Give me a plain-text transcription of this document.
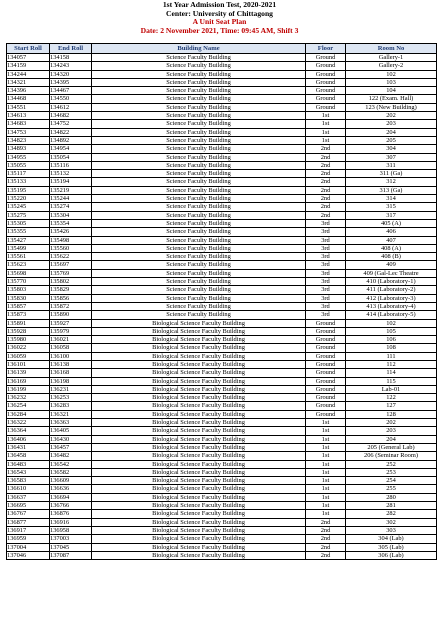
1st Year Admission Test, 2020-2021
Center: University of Chittagong
A Unit Seat Plan
Date: 2 November 2021, Time: 09:45 AM, Shift 3
Start Roll	End Roll	Building Name	Floor	Room No
134057	134158	Science Faculty Building	Ground	Gallery-1
134159	134243	Science Faculty Building	Ground	Gallery-2
134244	134320	Science Faculty Building	Ground	102
134321	134395	Science Faculty Building	Ground	103
134396	134467	Science Faculty Building	Ground	104
134468	134550	Science Faculty Building	Ground	122 (Exam. Hall)
134551	134612	Science Faculty Building	Ground	123 (New Building)
134613	134682	Science Faculty Building	1st	202
134683	134752	Science Faculty Building	1st	203
134753	134822	Science Faculty Building	1st	204
134823	134892	Science Faculty Building	1st	205
134893	134954	Science Faculty Building	2nd	304
134955	135054	Science Faculty Building	2nd	307
135055	135116	Science Faculty Building	2nd	311
135117	135132	Science Faculty Building	2nd	311 (Ga)
135133	135194	Science Faculty Building	2nd	312
135195	135219	Science Faculty Building	2nd	313 (Ga)
135220	135244	Science Faculty Building	2nd	314
135245	135274	Science Faculty Building	2nd	315
135275	135304	Science Faculty Building	2nd	317
135305	135354	Science Faculty Building	3rd	405 (A)
135355	135426	Science Faculty Building	3rd	406
135427	135498	Science Faculty Building	3rd	407
135499	135560	Science Faculty Building	3rd	408 (A)
135561	135622	Science Faculty Building	3rd	408 (B)
135623	135697	Science Faculty Building	3rd	409
135698	135769	Science Faculty Building	3rd	409 (Gal-Lec Theatre
135770	135802	Science Faculty Building	3rd	410 (Laboratory-1)
135803	135829	Science Faculty Building	3rd	411 (Laboratory-2)
135830	135856	Science Faculty Building	3rd	412 (Laboratory-3)
135857	135872	Science Faculty Building	3rd	413 (Laboratory-4)
135873	135890	Science Faculty Building	3rd	414 (Laboratory-5)
135891	135927	Biological Science Faculty Building	Ground	102
135928	135979	Biological Science Faculty Building	Ground	105
135980	136021	Biological Science Faculty Building	Ground	106
136022	136058	Biological Science Faculty Building	Ground	108
136059	136100	Biological Science Faculty Building	Ground	111
136101	136138	Biological Science Faculty Building	Ground	112
136139	136168	Biological Science Faculty Building	Ground	114
136169	136198	Biological Science Faculty Building	Ground	115
136199	136231	Biological Science Faculty Building	Ground	Lab-01
136232	136253	Biological Science Faculty Building	Ground	122
136254	136283	Biological Science Faculty Building	Ground	127
136284	136321	Biological Science Faculty Building	Ground	128
136322	136363	Biological Science Faculty Building	1st	202
136364	136405	Biological Science Faculty Building	1st	203
136406	136430	Biological Science Faculty Building	1st	204
136431	136457	Biological Science Faculty Building	1st	205 (General Lab)
136458	136482	Biological Science Faculty Building	1st	206 (Seminar Room)
136483	136542	Biological Science Faculty Building	1st	252
136543	136582	Biological Science Faculty Building	1st	253
136583	136609	Biological Science Faculty Building	1st	254
136610	136636	Biological Science Faculty Building	1st	255
136637	136694	Biological Science Faculty Building	1st	280
136695	136766	Biological Science Faculty Building	1st	281
136767	136876	Biological Science Faculty Building	1st	282
136877	136916	Biological Science Faculty Building	2nd	302
136917	136958	Biological Science Faculty Building	2nd	303
136959	137003	Biological Science Faculty Building	2nd	304 (Lab)
137004	137045	Biological Science Faculty Building	2nd	305 (Lab)
137046	137087	Biological Science Faculty Building	2nd	306 (Lab)
